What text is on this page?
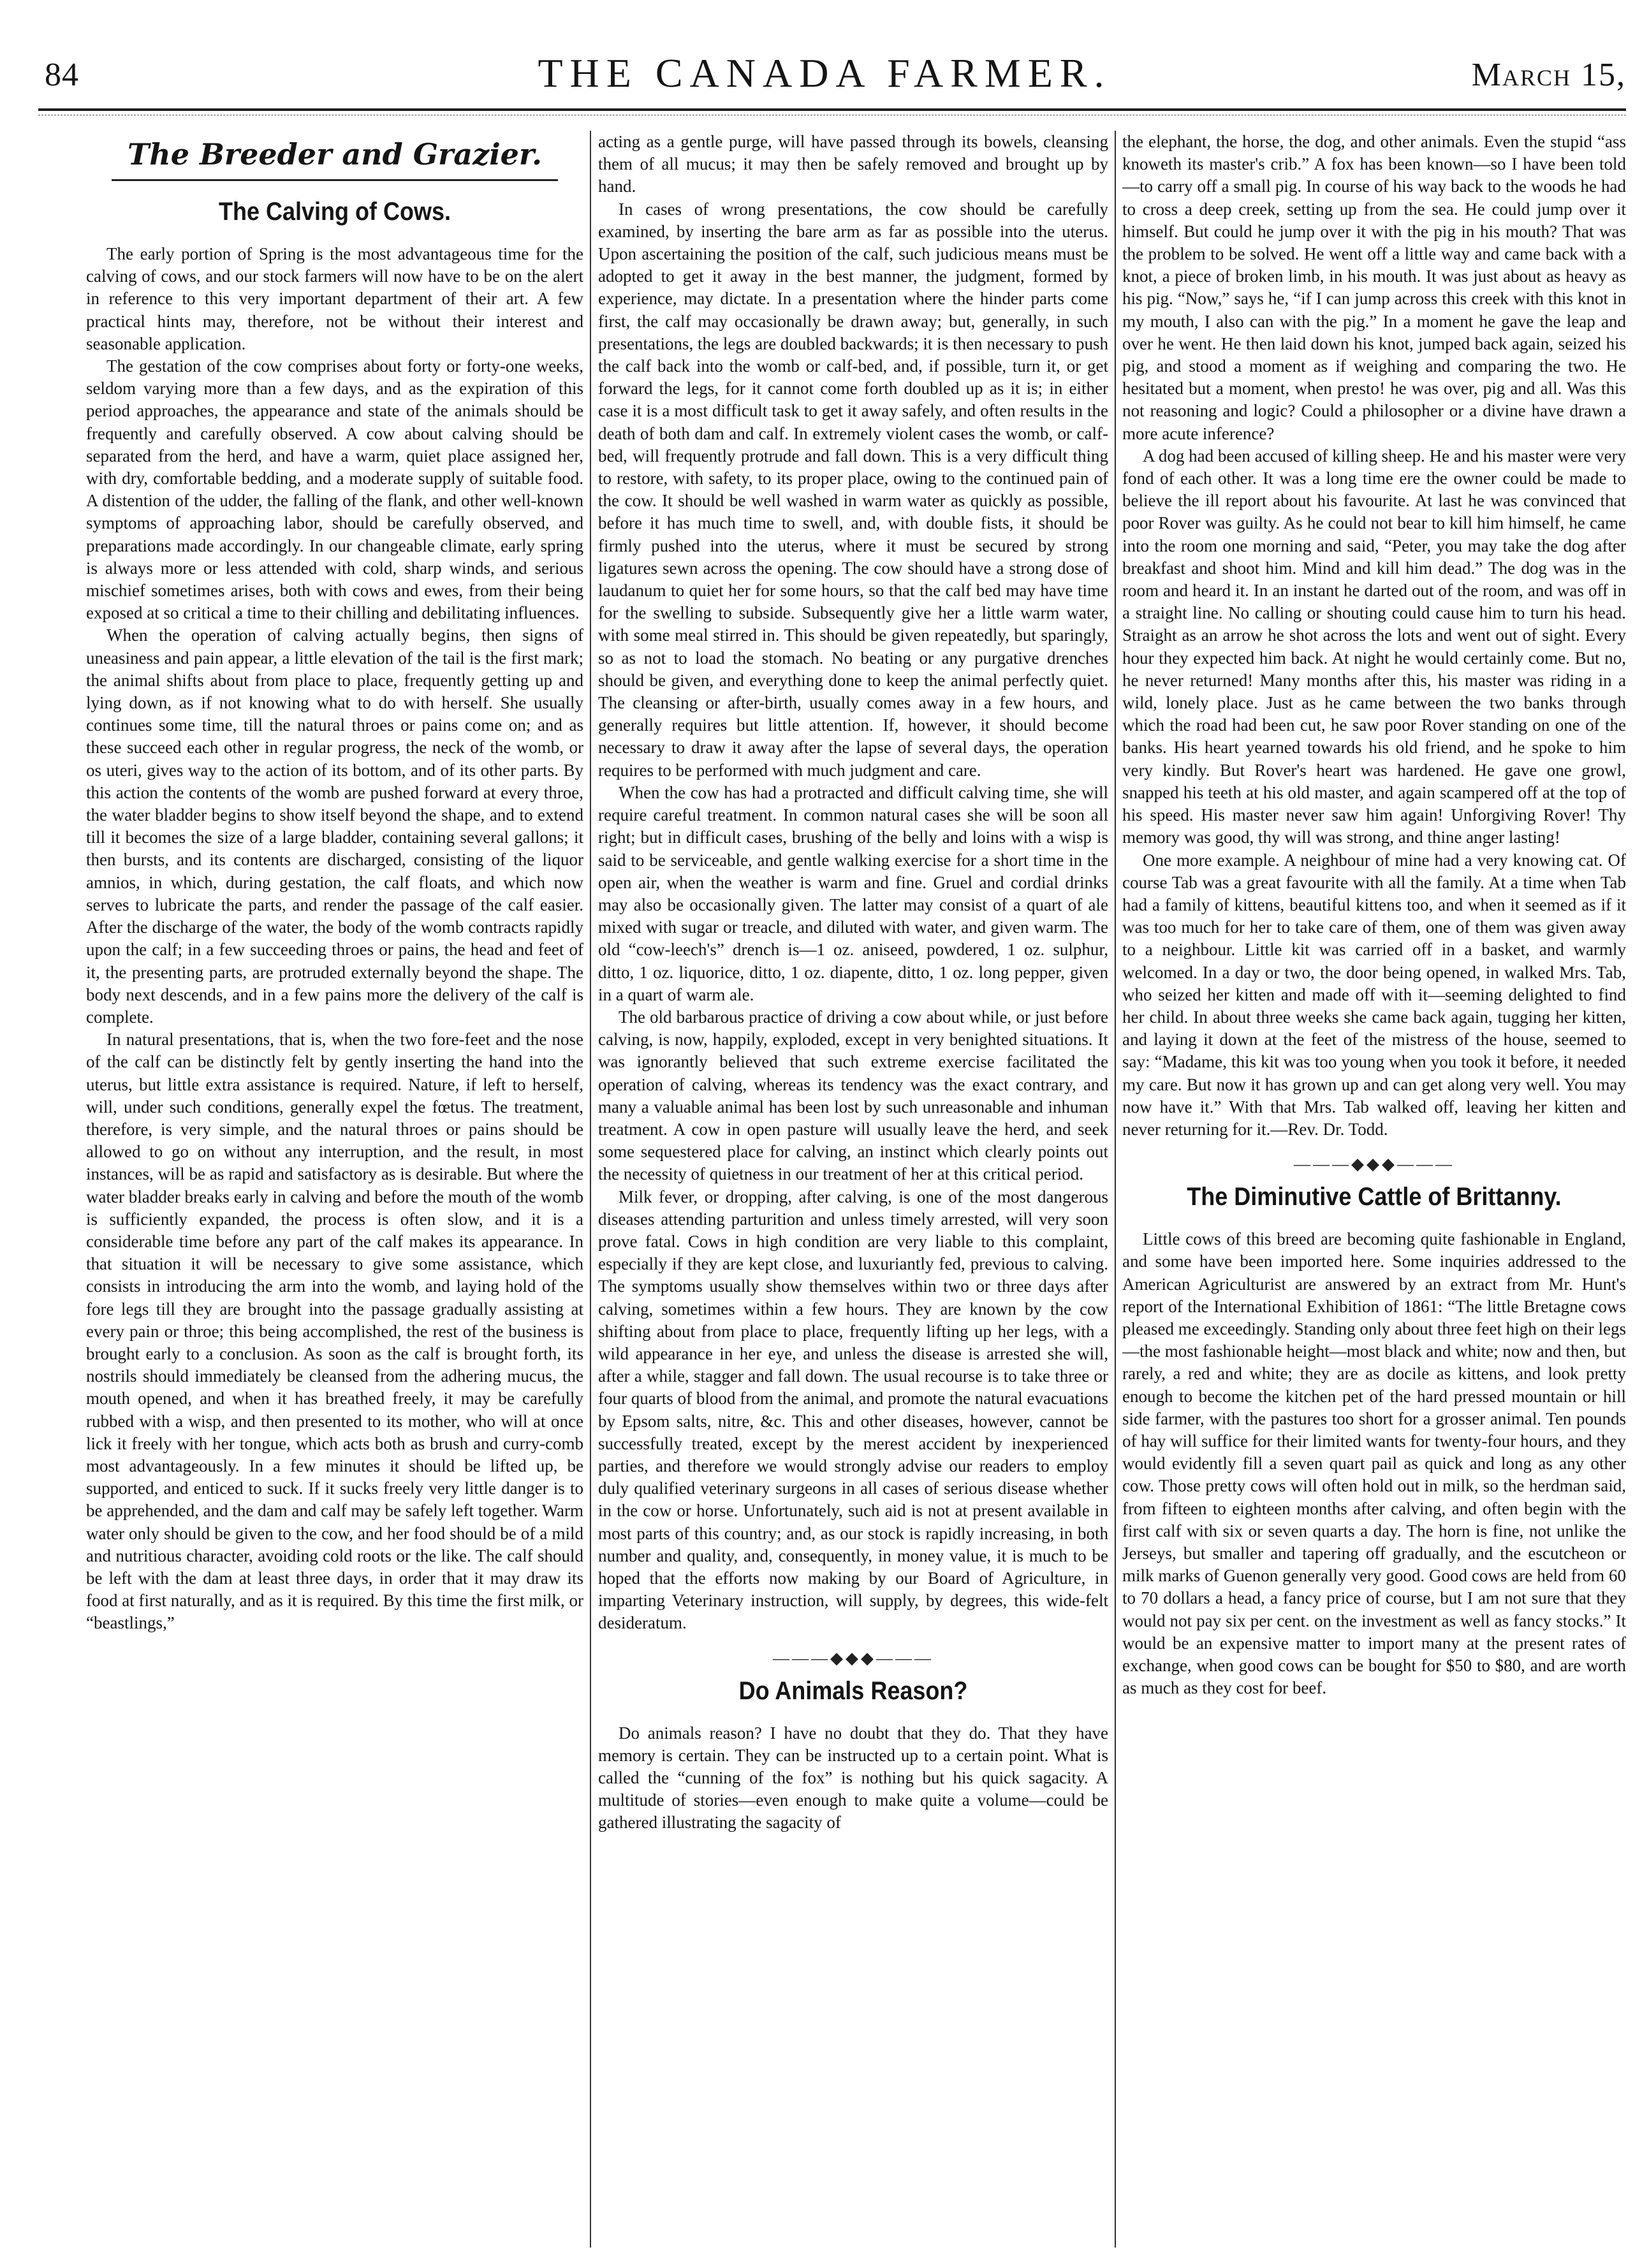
84	THE CANADA FARMER.	March 15,
The Breeder and Grazier.
The Calving of Cows.

The early portion of Spring is the most advantageous time for the calving of cows, and our stock farmers will now have to be on the alert in reference to this very important department of their art. A few practical hints may, therefore, not be without their interest and seasonable application.

The gestation of the cow comprises about forty or forty-one weeks, seldom varying more than a few days, and as the expiration of this period approaches, the appearance and state of the animals should be frequently and carefully observed. A cow about calving should be separated from the herd, and have a warm, quiet place assigned her, with dry, comfortable bedding, and a moderate supply of suitable food. A distention of the udder, the falling of the flank, and other well-known symptoms of approaching labor, should be carefully observed, and preparations made accordingly. In our changeable climate, early spring is always more or less attended with cold, sharp winds, and serious mischief sometimes arises, both with cows and ewes, from their being exposed at so critical a time to their chilling and debilitating influences.

When the operation of calving actually begins, then signs of uneasiness and pain appear, a little elevation of the tail is the first mark; the animal shifts about from place to place, frequently getting up and lying down, as if not knowing what to do with herself. She usually continues some time, till the natural throes or pains come on; and as these succeed each other in regular progress, the neck of the womb, or os uteri, gives way to the action of its bottom, and of its other parts. By this action the contents of the womb are pushed forward at every throe, the water bladder begins to show itself beyond the shape, and to extend till it becomes the size of a large bladder, containing several gallons; it then bursts, and its contents are discharged, consisting of the liquor amnios, in which, during gestation, the calf floats, and which now serves to lubricate the parts, and render the passage of the calf easier. After the discharge of the water, the body of the womb contracts rapidly upon the calf; in a few succeeding throes or pains, the head and feet of it, the presenting parts, are protruded externally beyond the shape. The body next descends, and in a few pains more the delivery of the calf is complete.

In natural presentations, that is, when the two fore-feet and the nose of the calf can be distinctly felt by gently inserting the hand into the uterus, but little extra assistance is required. Nature, if left to herself, will, under such conditions, generally expel the fœtus. The treatment, therefore, is very simple, and the natural throes or pains should be allowed to go on without any interruption, and the result, in most instances, will be as rapid and satisfactory as is desirable. But where the water bladder breaks early in calving and before the mouth of the womb is sufficiently expanded, the process is often slow, and it is a considerable time before any part of the calf makes its appearance. In that situation it will be necessary to give some assistance, which consists in introducing the arm into the womb, and laying hold of the fore legs till they are brought into the passage gradually assisting at every pain or throe; this being accomplished, the rest of the business is brought early to a conclusion. As soon as the calf is brought forth, its nostrils should immediately be cleansed from the adhering mucus, the mouth opened, and when it has breathed freely, it may be carefully rubbed with a wisp, and then presented to its mother, who will at once lick it freely with her tongue, which acts both as brush and curry-comb most advantageously. In a few minutes it should be lifted up, be supported, and enticed to suck. If it sucks freely very little danger is to be apprehended, and the dam and calf may be safely left together. Warm water only should be given to the cow, and her food should be of a mild and nutritious character, avoiding cold roots or the like. The calf should be left with the dam at least three days, in order that it may draw its food at first naturally, and as it is required. By this time the first milk, or “beastlings,”

acting as a gentle purge, will have passed through its bowels, cleansing them of all mucus; it may then be safely removed and brought up by hand.

In cases of wrong presentations, the cow should be carefully examined, by inserting the bare arm as far as possible into the uterus. Upon ascertaining the position of the calf, such judicious means must be adopted to get it away in the best manner, the judgment, formed by experience, may dictate. In a presentation where the hinder parts come first, the calf may occasionally be drawn away; but, generally, in such presentations, the legs are doubled backwards; it is then necessary to push the calf back into the womb or calf-bed, and, if possible, turn it, or get forward the legs, for it cannot come forth doubled up as it is; in either case it is a most difficult task to get it away safely, and often results in the death of both dam and calf. In extremely violent cases the womb, or calf-bed, will frequently protrude and fall down. This is a very difficult thing to restore, with safety, to its proper place, owing to the continued pain of the cow. It should be well washed in warm water as quickly as possible, before it has much time to swell, and, with double fists, it should be firmly pushed into the uterus, where it must be secured by strong ligatures sewn across the opening. The cow should have a strong dose of laudanum to quiet her for some hours, so that the calf bed may have time for the swelling to subside. Subsequently give her a little warm water, with some meal stirred in. This should be given repeatedly, but sparingly, so as not to load the stomach. No beating or any purgative drenches should be given, and everything done to keep the animal perfectly quiet. The cleansing or after-birth, usually comes away in a few hours, and generally requires but little attention. If, however, it should become necessary to draw it away after the lapse of several days, the operation requires to be performed with much judgment and care.

When the cow has had a protracted and difficult calving time, she will require careful treatment. In common natural cases she will be soon all right; but in difficult cases, brushing of the belly and loins with a wisp is said to be serviceable, and gentle walking exercise for a short time in the open air, when the weather is warm and fine. Gruel and cordial drinks may also be occasionally given. The latter may consist of a quart of ale mixed with sugar or treacle, and diluted with water, and given warm. The old “cow-leech's” drench is—1 oz. aniseed, powdered, 1 oz. sulphur, ditto, 1 oz. liquorice, ditto, 1 oz. diapente, ditto, 1 oz. long pepper, given in a quart of warm ale.

The old barbarous practice of driving a cow about while, or just before calving, is now, happily, exploded, except in very benighted situations. It was ignorantly believed that such extreme exercise facilitated the operation of calving, whereas its tendency was the exact contrary, and many a valuable animal has been lost by such unreasonable and inhuman treatment. A cow in open pasture will usually leave the herd, and seek some sequestered place for calving, an instinct which clearly points out the necessity of quietness in our treatment of her at this critical period.

Milk fever, or dropping, after calving, is one of the most dangerous diseases attending parturition and unless timely arrested, will very soon prove fatal. Cows in high condition are very liable to this complaint, especially if they are kept close, and luxuriantly fed, previous to calving. The symptoms usually show themselves within two or three days after calving, sometimes within a few hours. They are known by the cow shifting about from place to place, frequently lifting up her legs, with a wild appearance in her eye, and unless the disease is arrested she will, after a while, stagger and fall down. The usual recourse is to take three or four quarts of blood from the animal, and promote the natural evacuations by Epsom salts, nitre, &c. This and other diseases, however, cannot be successfully treated, except by the merest accident by inexperienced parties, and therefore we would strongly advise our readers to employ duly qualified veterinary surgeons in all cases of serious disease whether in the cow or horse. Unfortunately, such aid is not at present available in most parts of this country; and, as our stock is rapidly increasing, in both number and quality, and, consequently, in money value, it is much to be hoped that the efforts now making by our Board of Agriculture, in imparting Veterinary instruction, will supply, by degrees, this wide-felt desideratum.

———◆◆◆———
Do Animals Reason?

Do animals reason? I have no doubt that they do. That they have memory is certain. They can be instructed up to a certain point. What is called the “cunning of the fox” is nothing but his quick sagacity. A multitude of stories—even enough to make quite a volume—could be gathered illustrating the sagacity of

the elephant, the horse, the dog, and other animals. Even the stupid “ass knoweth its master's crib.” A fox has been known—so I have been told—to carry off a small pig. In course of his way back to the woods he had to cross a deep creek, setting up from the sea. He could jump over it himself. But could he jump over it with the pig in his mouth? That was the problem to be solved. He went off a little way and came back with a knot, a piece of broken limb, in his mouth. It was just about as heavy as his pig. “Now,” says he, “if I can jump across this creek with this knot in my mouth, I also can with the pig.” In a moment he gave the leap and over he went. He then laid down his knot, jumped back again, seized his pig, and stood a moment as if weighing and comparing the two. He hesitated but a moment, when presto! he was over, pig and all. Was this not reasoning and logic? Could a philosopher or a divine have drawn a more acute inference?

A dog had been accused of killing sheep. He and his master were very fond of each other. It was a long time ere the owner could be made to believe the ill report about his favourite. At last he was convinced that poor Rover was guilty. As he could not bear to kill him himself, he came into the room one morning and said, “Peter, you may take the dog after breakfast and shoot him. Mind and kill him dead.” The dog was in the room and heard it. In an instant he darted out of the room, and was off in a straight line. No calling or shouting could cause him to turn his head. Straight as an arrow he shot across the lots and went out of sight. Every hour they expected him back. At night he would certainly come. But no, he never returned! Many months after this, his master was riding in a wild, lonely place. Just as he came between the two banks through which the road had been cut, he saw poor Rover standing on one of the banks. His heart yearned towards his old friend, and he spoke to him very kindly. But Rover's heart was hardened. He gave one growl, snapped his teeth at his old master, and again scampered off at the top of his speed. His master never saw him again! Unforgiving Rover! Thy memory was good, thy will was strong, and thine anger lasting!

One more example. A neighbour of mine had a very knowing cat. Of course Tab was a great favourite with all the family. At a time when Tab had a family of kittens, beautiful kittens too, and when it seemed as if it was too much for her to take care of them, one of them was given away to a neighbour. Little kit was carried off in a basket, and warmly welcomed. In a day or two, the door being opened, in walked Mrs. Tab, who seized her kitten and made off with it—seeming delighted to find her child. In about three weeks she came back again, tugging her kitten, and laying it down at the feet of the mistress of the house, seemed to say: “Madame, this kit was too young when you took it before, it needed my care. But now it has grown up and can get along very well. You may now have it.” With that Mrs. Tab walked off, leaving her kitten and never returning for it.—Rev. Dr. Todd.

———◆◆◆———
The Diminutive Cattle of Brittanny.

Little cows of this breed are becoming quite fashionable in England, and some have been imported here. Some inquiries addressed to the American Agriculturist are answered by an extract from Mr. Hunt's report of the International Exhibition of 1861: “The little Bretagne cows pleased me exceedingly. Standing only about three feet high on their legs—the most fashionable height—most black and white; now and then, but rarely, a red and white; they are as docile as kittens, and look pretty enough to become the kitchen pet of the hard pressed mountain or hill side farmer, with the pastures too short for a grosser animal. Ten pounds of hay will suffice for their limited wants for twenty-four hours, and they would evidently fill a seven quart pail as quick and long as any other cow. Those pretty cows will often hold out in milk, so the herdman said, from fifteen to eighteen months after calving, and often begin with the first calf with six or seven quarts a day. The horn is fine, not unlike the Jerseys, but smaller and tapering off gradually, and the escutcheon or milk marks of Guenon generally very good. Good cows are held from 60 to 70 dollars a head, a fancy price of course, but I am not sure that they would not pay six per cent. on the investment as well as fancy stocks.” It would be an expensive matter to import many at the present rates of exchange, when good cows can be bought for $50 to $80, and are worth as much as they cost for beef.
